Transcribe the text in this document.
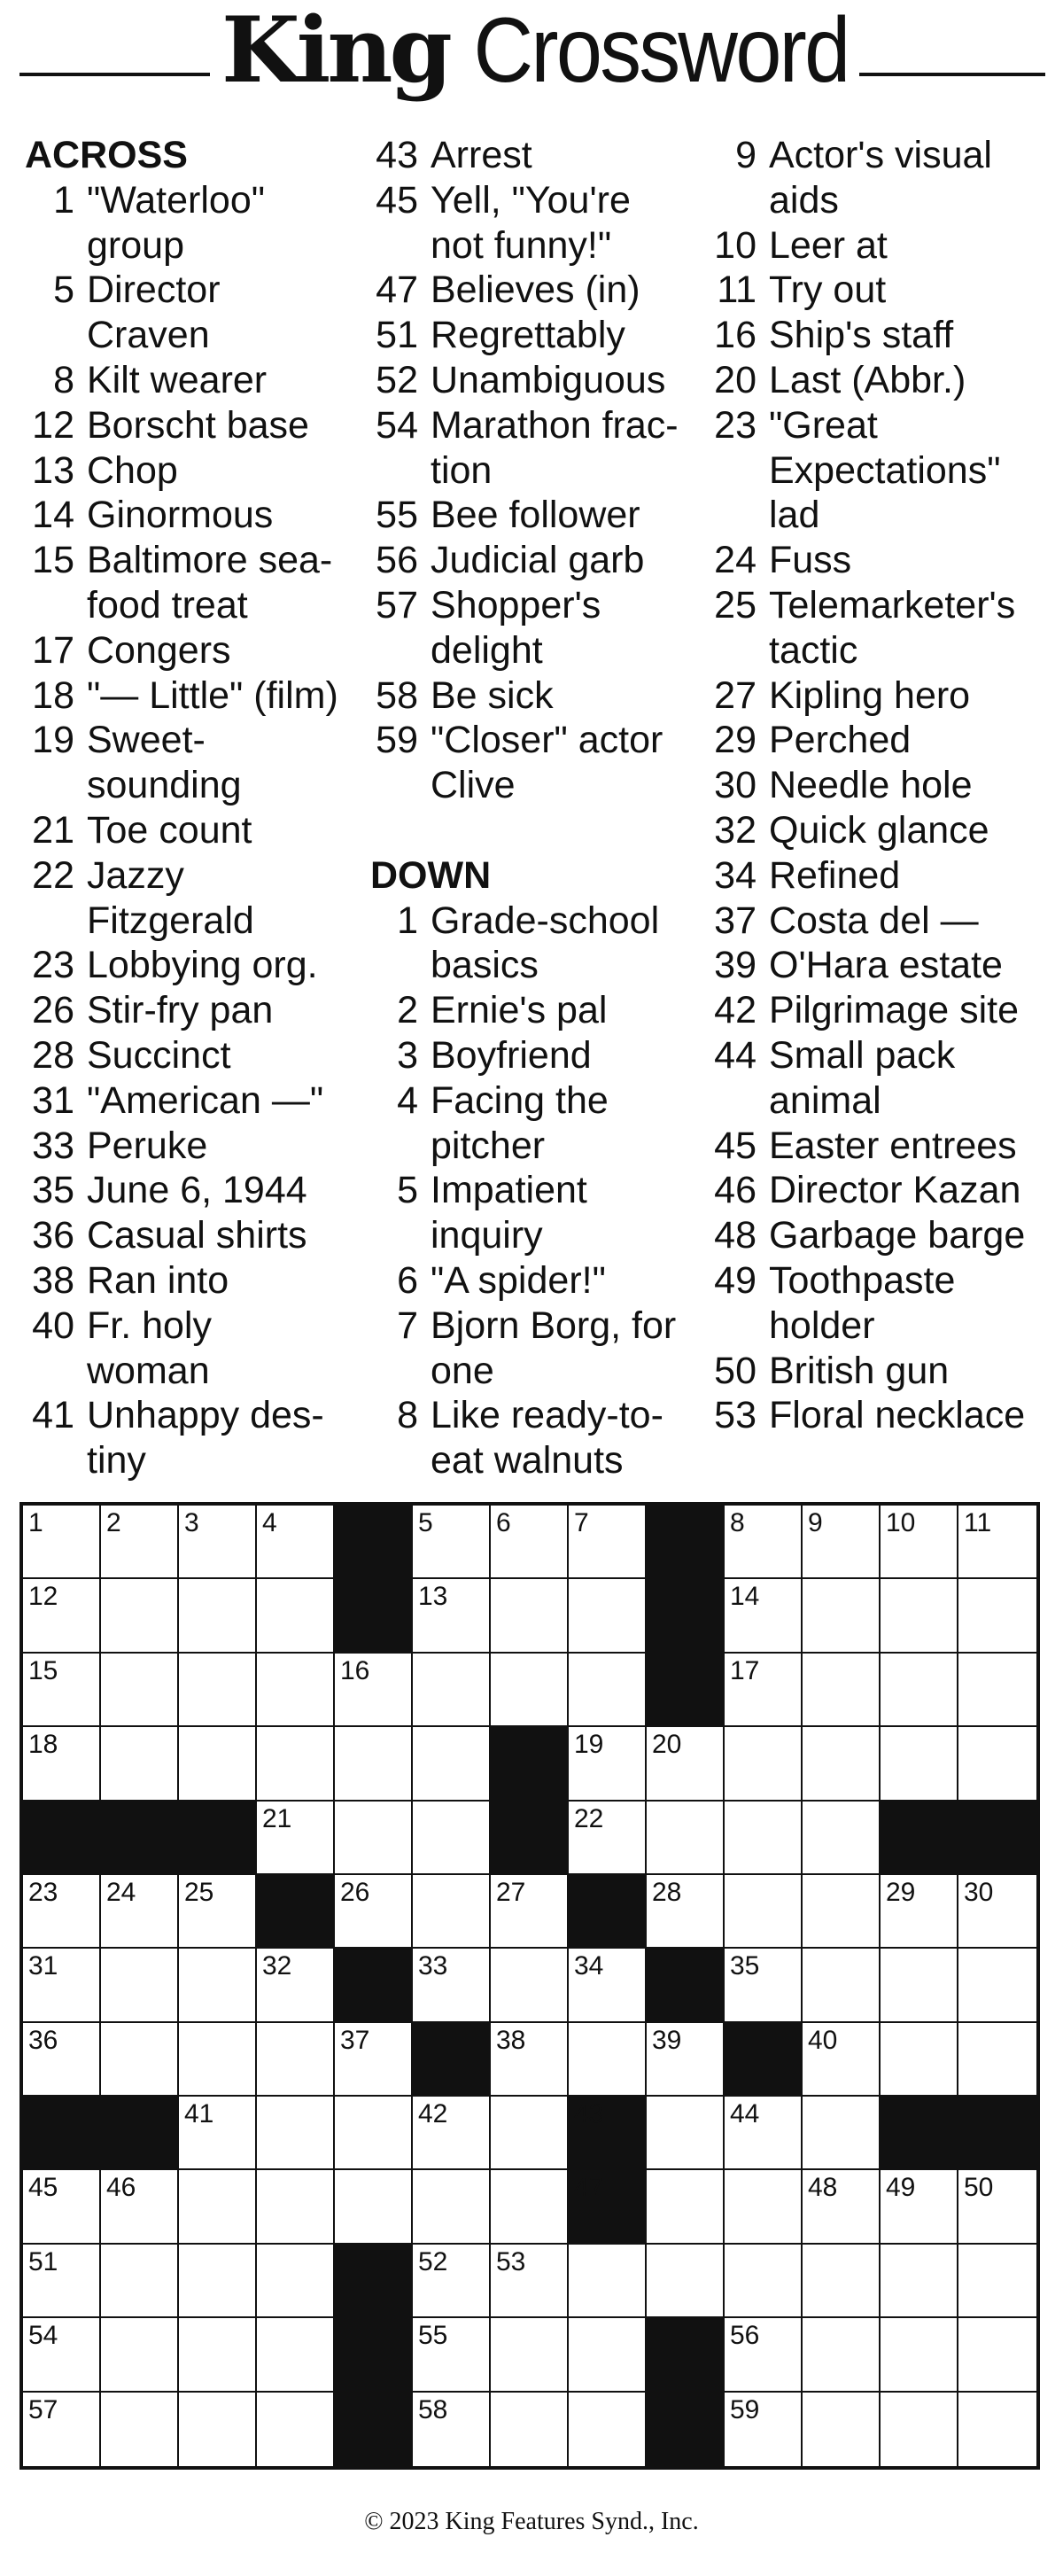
King Crossword
ACROSS
1 "Waterloo"
group
5 Director
Craven
8 Kilt wearer
12 Borscht base
13 Chop
14 Ginormous
15 Baltimore sea-
food treat
17 Congers
18 "— Little" (film)
19 Sweet-
sounding
21 Toe count
22 Jazzy
Fitzgerald
23 Lobbying org.
26 Stir-fry pan
28 Succinct
31 "American —"
33 Peruke
35 June 6, 1944
36 Casual shirts
38 Ran into
40 Fr. holy
woman
41 Unhappy des-
tiny
43 Arrest
45 Yell, "You're
not funny!"
47 Believes (in)
51 Regrettably
52 Unambiguous
54 Marathon frac-
tion
55 Bee follower
56 Judicial garb
57 Shopper's
delight
58 Be sick
59 "Closer" actor
Clive
DOWN
1 Grade-school
basics
2 Ernie's pal
3 Boyfriend
4 Facing the
pitcher
5 Impatient
inquiry
6 "A spider!"
7 Bjorn Borg, for
one
8 Like ready-to-
eat walnuts
9 Actor's visual
aids
10 Leer at
11 Try out
16 Ship's staff
20 Last (Abbr.)
23 "Great
Expectations"
lad
24 Fuss
25 Telemarketer's
tactic
27 Kipling hero
29 Perched
30 Needle hole
32 Quick glance
34 Refined
37 Costa del —
39 O'Hara estate
42 Pilgrimage site
44 Small pack
animal
45 Easter entrees
46 Director Kazan
48 Garbage barge
49 Toothpaste
holder
50 British gun
53 Floral necklace
1 2 3 4	5 6 7	8 9 10 11
12	13	14
15	16	17
18	19 20
21	22
23 24 25	26	27	28	29 30
31	32	33	34	35
36	37	38	39	40
41	42	43	44
45 46	47	48 49 50
51	52 53
54	55	56
57	58	59
© 2023 King Features Synd., Inc.
